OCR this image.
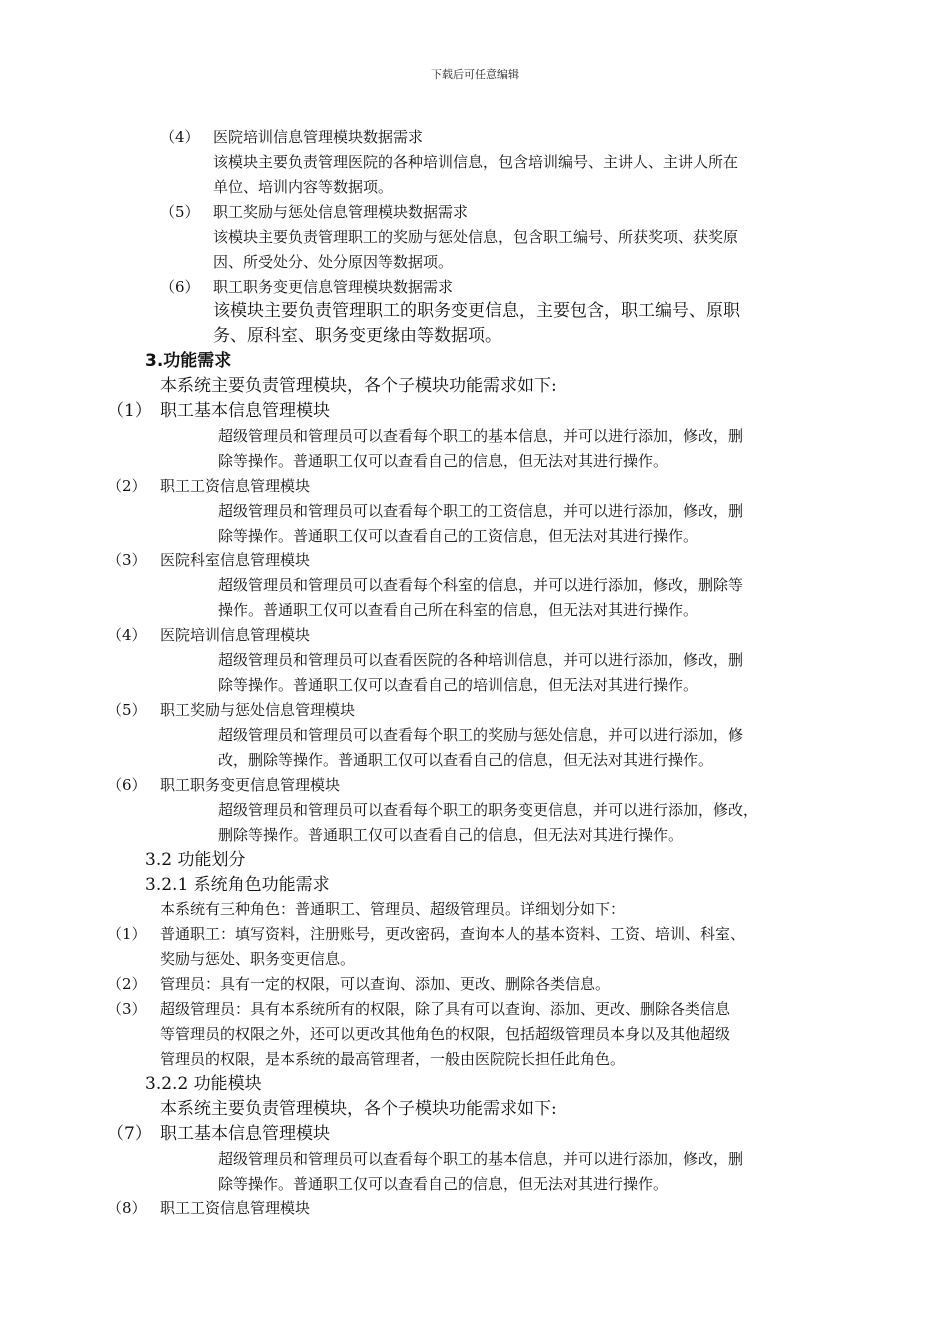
下载后可任意编辑
（4） 医院培训信息管理模块数据需求
该模块主要负责管理医院的各种培训信息，包含培训编号、主讲人、主讲人所在
单位、培训内容等数据项。
（5） 职工奖励与惩处信息管理模块数据需求
该模块主要负责管理职工的奖励与惩处信息，包含职工编号、所获奖项、获奖原
因、所受处分、处分原因等数据项。
（6） 职工职务变更信息管理模块数据需求
该模块主要负责管理职工的职务变更信息，主要包含，职工编号、原职
务、原科室、职务变更缘由等数据项。
3.功能需求
本系统主要负责管理模块，各个子模块功能需求如下:
（1） 职工基本信息管理模块
超级管理员和管理员可以查看每个职工的基本信息，并可以进行添加，修改，删
除等操作。普通职工仅可以查看自己的信息，但无法对其进行操作。
（2） 职工工资信息管理模块
超级管理员和管理员可以查看每个职工的工资信息，并可以进行添加，修改，删
除等操作。普通职工仅可以查看自己的工资信息，但无法对其进行操作。
（3） 医院科室信息管理模块
超级管理员和管理员可以查看每个科室的信息，并可以进行添加，修改，删除等
操作。普通职工仅可以查看自己所在科室的信息，但无法对其进行操作。
（4） 医院培训信息管理模块
超级管理员和管理员可以查看医院的各种培训信息，并可以进行添加，修改，删
除等操作。普通职工仅可以查看自己的培训信息，但无法对其进行操作。
（5） 职工奖励与惩处信息管理模块
超级管理员和管理员可以查看每个职工的奖励与惩处信息，并可以进行添加，修
改，删除等操作。普通职工仅可以查看自己的信息，但无法对其进行操作。
（6） 职工职务变更信息管理模块
超级管理员和管理员可以查看每个职工的职务变更信息，并可以进行添加，修改，
删除等操作。普通职工仅可以查看自己的信息，但无法对其进行操作。
3.2 功能划分
3.2.1 系统角色功能需求
本系统有三种角色：普通职工、管理员、超级管理员。详细划分如下：
（1） 普通职工：填写资料，注册账号，更改密码，查询本人的基本资料、工资、培训、科室、
奖励与惩处、职务变更信息。
（2） 管理员：具有一定的权限，可以查询、添加、更改、删除各类信息。
（3） 超级管理员：具有本系统所有的权限，除了具有可以查询、添加、更改、删除各类信息
等管理员的权限之外，还可以更改其他角色的权限，包括超级管理员本身以及其他超级
管理员的权限，是本系统的最高管理者，一般由医院院长担任此角色。
3.2.2 功能模块
本系统主要负责管理模块，各个子模块功能需求如下:
（7） 职工基本信息管理模块
超级管理员和管理员可以查看每个职工的基本信息，并可以进行添加，修改，删
除等操作。普通职工仅可以查看自己的信息，但无法对其进行操作。
（8） 职工工资信息管理模块
